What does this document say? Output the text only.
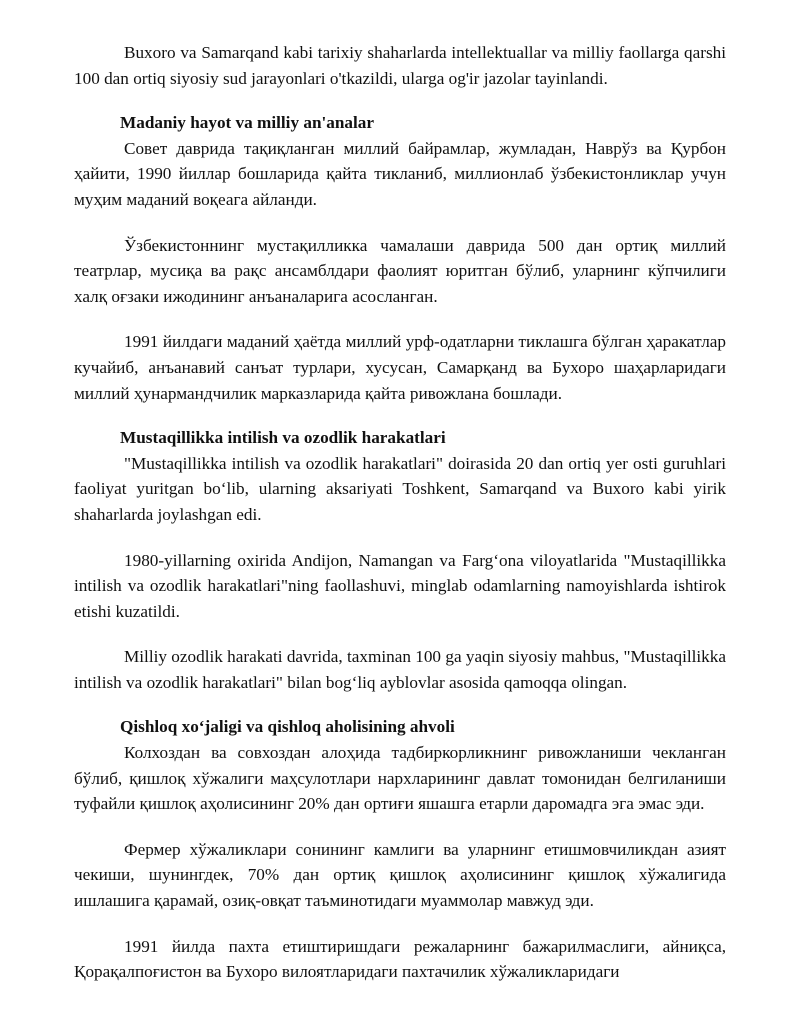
Buxoro va Samarqand kabi tarixiy shaharlarda intellektuallar va milliy faollarga qarshi 100 dan ortiq siyosiy sud jarayonlari o'tkazildi, ularga og'ir jazolar tayinlandi.

Madaniy hayot va milliy an'analar

Совет даврида тақиқланган миллий байрамлар, жумладан, Наврўз ва Қурбон ҳайити, 1990 йиллар бошларида қайта тикланиб, миллионлаб ўзбекистонликлар учун муҳим маданий воқеага айланди.

Ўзбекистоннинг мустақилликка чамалаши даврида 500 дан ортиқ миллий театрлар, мусиқа ва рақс ансамблдари фаолият юритган бўлиб, уларнинг кўпчилиги халқ оғзаки ижодининг анъаналарига асосланган.

1991 йилдаги маданий ҳаётда миллий урф-одатларни тиклашга бўлган ҳаракатлар кучайиб, анъанавий санъат турлари, хусусан, Самарқанд ва Бухоро шаҳарларидаги миллий ҳунармандчилик марказларида қайта ривожлана бошлади.

Mustaqillikka intilish va ozodlik harakatlari

"Mustaqillikka intilish va ozodlik harakatlari" doirasida 20 dan ortiq yer osti guruhlari faoliyat yuritgan bo‘lib, ularning aksariyati Toshkent, Samarqand va Buxoro kabi yirik shaharlarda joylashgan edi.

1980-yillarning oxirida Andijon, Namangan va Farg‘ona viloyatlarida "Mustaqillikka intilish va ozodlik harakatlari"ning faollashuvi, minglab odamlarning namoyishlarda ishtirok etishi kuzatildi.

Milliy ozodlik harakati davrida, taxminan 100 ga yaqin siyosiy mahbus, "Mustaqillikka intilish va ozodlik harakatlari" bilan bog‘liq ayblovlar asosida qamoqqa olingan.

Qishloq xo‘jaligi va qishloq aholisining ahvoli

Колхоздан ва совхоздан алоҳида тадбиркорликнинг ривожланиши чекланган бўлиб, қишлоқ хўжалиги маҳсулотлари нархларининг давлат томонидан белгиланиши туфайли қишлоқ аҳолисининг 20% дан ортиғи яшашга етарли даромадга эга эмас эди.

Фермер хўжаликлари сонининг камлиги ва уларнинг етишмовчиликдан азият чекиши, шунингдек, 70% дан ортиқ қишлоқ аҳолисининг қишлоқ хўжалигида ишлашига қарамай, озиқ-овқат таъминотидаги муаммолар мавжуд эди.

1991 йилда пахта етиштиришдаги режаларнинг бажарилмаслиги, айниқса, Қорақалпоғистон ва Бухоро вилоятларидаги пахтачилик хўжаликларидаги
